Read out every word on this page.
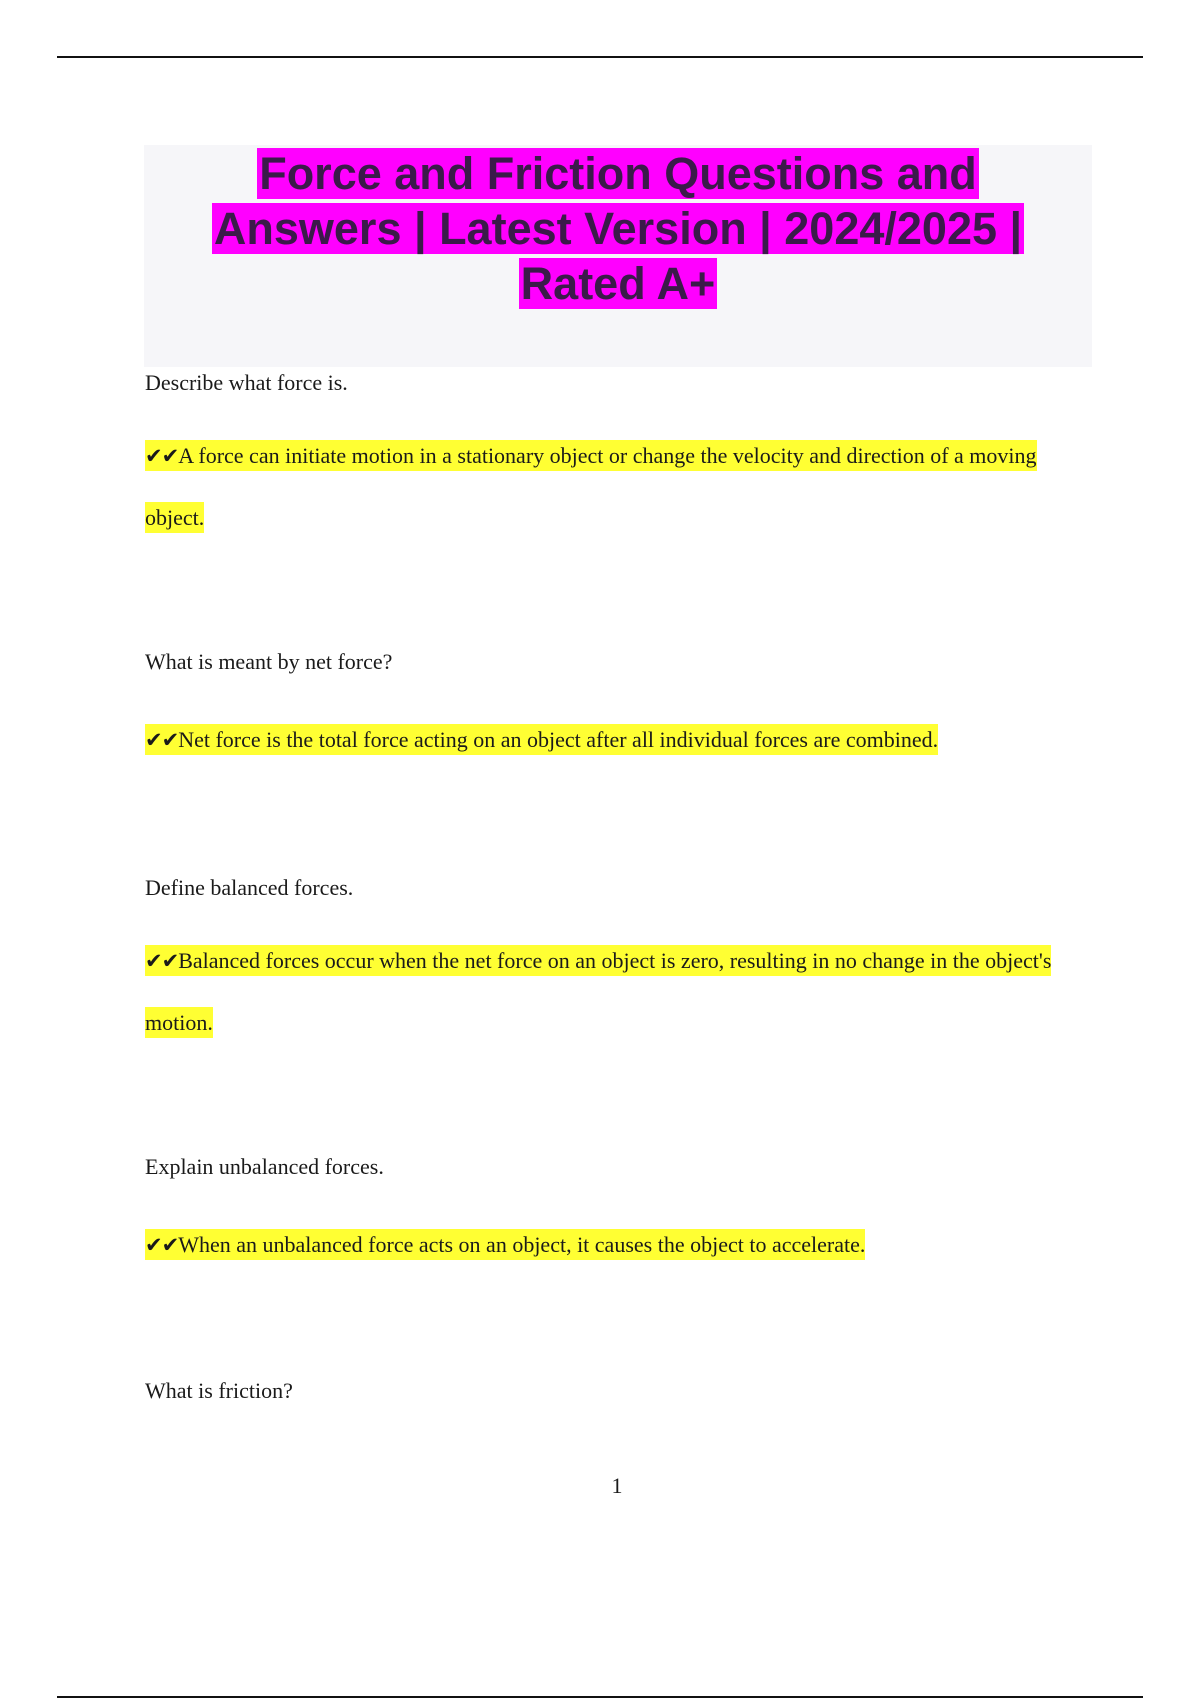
Force and Friction Questions and
Answers | Latest Version | 2024/2025 |
Rated A+

Describe what force is.

✔✔A force can initiate motion in a stationary object or change the velocity and direction of a moving object.

What is meant by net force?

✔✔Net force is the total force acting on an object after all individual forces are combined.

Define balanced forces.

✔✔Balanced forces occur when the net force on an object is zero, resulting in no change in the object's motion.

Explain unbalanced forces.

✔✔When an unbalanced force acts on an object, it causes the object to accelerate.

What is friction?

1
